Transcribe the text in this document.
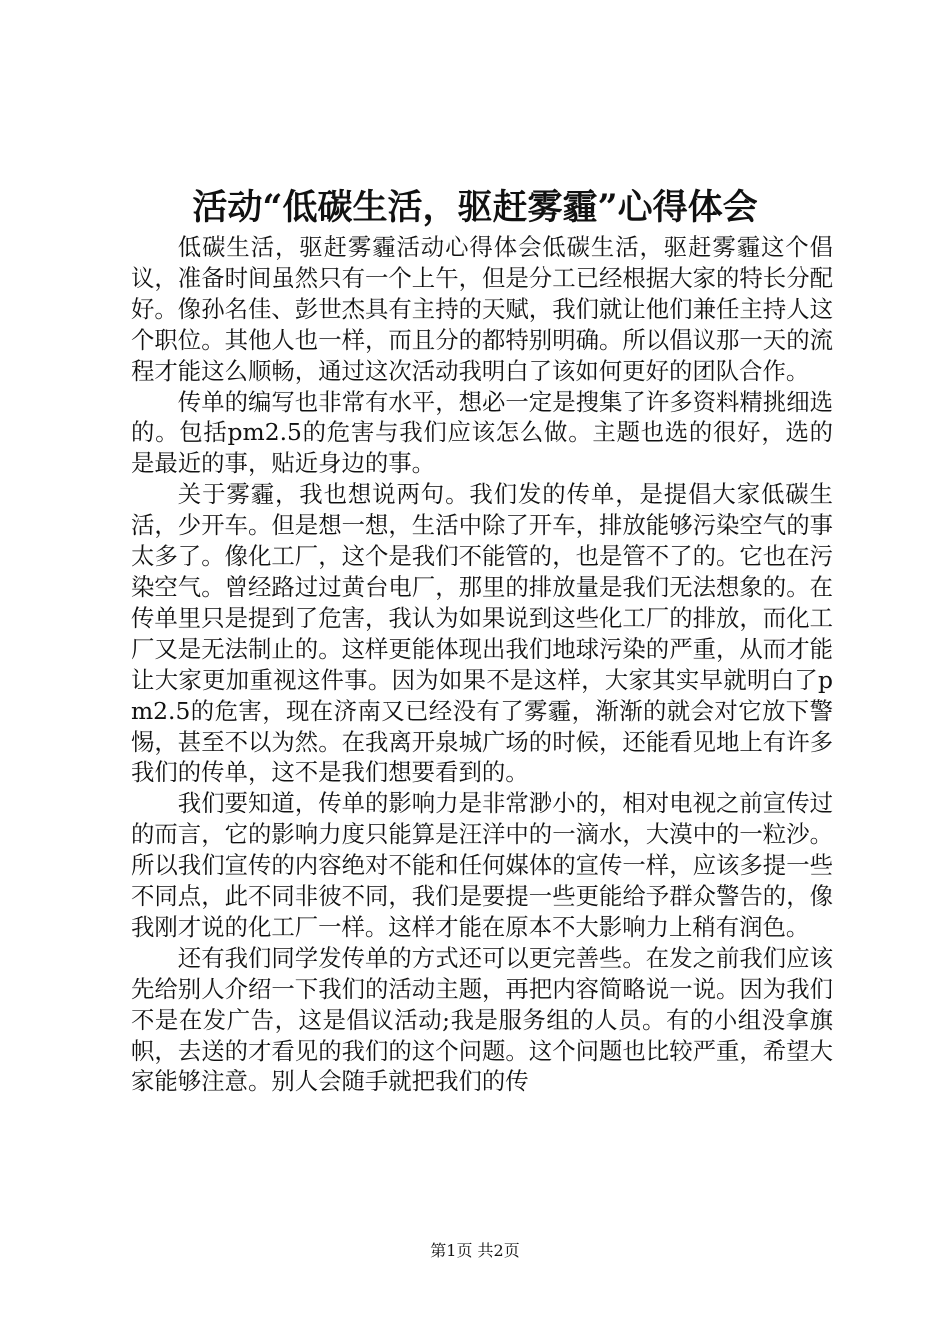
活动“低碳生活，驱赶雾霾”心得体会

低碳生活，驱赶雾霾活动心得体会低碳生活，驱赶雾霾这个倡议，准备时间虽然只有一个上午，但是分工已经根据大家的特长分配好。像孙名佳、彭世杰具有主持的天赋，我们就让他们兼任主持人这个职位。其他人也一样，而且分的都特别明确。所以倡议那一天的流程才能这么顺畅，通过这次活动我明白了该如何更好的团队合作。

传单的编写也非常有水平，想必一定是搜集了许多资料精挑细选的。包括pm2.5的危害与我们应该怎么做。主题也选的很好，选的是最近的事，贴近身边的事。

关于雾霾，我也想说两句。我们发的传单，是提倡大家低碳生活，少开车。但是想一想，生活中除了开车，排放能够污染空气的事太多了。像化工厂，这个是我们不能管的，也是管不了的。它也在污染空气。曾经路过过黄台电厂，那里的排放量是我们无法想象的。在传单里只是提到了危害，我认为如果说到这些化工厂的排放，而化工厂又是无法制止的。这样更能体现出我们地球污染的严重，从而才能让大家更加重视这件事。因为如果不是这样，大家其实早就明白了pm2.5的危害，现在济南又已经没有了雾霾，渐渐的就会对它放下警惕，甚至不以为然。在我离开泉城广场的时候，还能看见地上有许多我们的传单，这不是我们想要看到的。

我们要知道，传单的影响力是非常渺小的，相对电视之前宣传过的而言，它的影响力度只能算是汪洋中的一滴水，大漠中的一粒沙。所以我们宣传的内容绝对不能和任何媒体的宣传一样，应该多提一些不同点，此不同非彼不同，我们是要提一些更能给予群众警告的，像我刚才说的化工厂一样。这样才能在原本不大影响力上稍有润色。

还有我们同学发传单的方式还可以更完善些。在发之前我们应该先给别人介绍一下我们的活动主题，再把内容简略说一说。因为我们不是在发广告，这是倡议活动;我是服务组的人员。有的小组没拿旗帜，去送的才看见的我们的这个问题。这个问题也比较严重，希望大家能够注意。别人会随手就把我们的传

第1页 共2页
